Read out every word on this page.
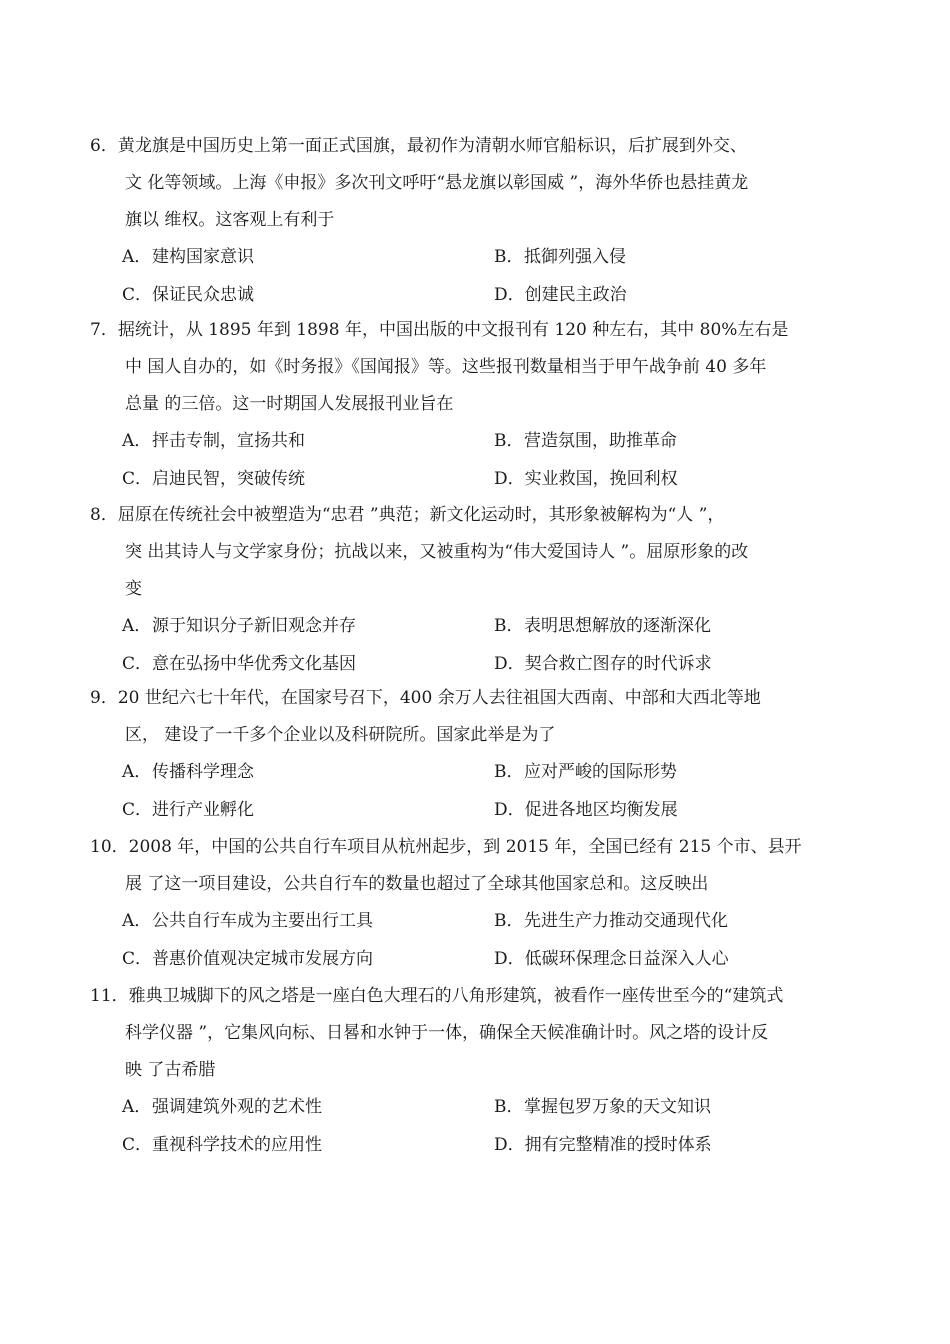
6．黄龙旗是中国历史上第一面正式国旗，最初作为清朝水师官船标识，后扩展到外交、
文 化等领域。上海《申报》多次刊文呼吁“悬龙旗以彰国威 ”，海外华侨也悬挂黄龙
旗以 维权。这客观上有利于
A．建构国家意识	B．抵御列强入侵
C．保证民众忠诚	D．创建民主政治
7．据统计，从 1895 年到 1898 年，中国出版的中文报刊有 120 种左右，其中 80%左右是
中 国人自办的，如《时务报》《国闻报》等。这些报刊数量相当于甲午战争前 40 多年
总量 的三倍。这一时期国人发展报刊业旨在
A．抨击专制，宣扬共和	B．营造氛围，助推革命
C．启迪民智，突破传统	D．实业救国，挽回利权
8．屈原在传统社会中被塑造为“忠君 ”典范；新文化运动时，其形象被解构为“人 ”，
突 出其诗人与文学家身份；抗战以来，又被重构为“伟大爱国诗人 ”。屈原形象的改
变
A．源于知识分子新旧观念并存	B．表明思想解放的逐渐深化
C．意在弘扬中华优秀文化基因	D．契合救亡图存的时代诉求
9．20 世纪六七十年代，在国家号召下，400 余万人去往祖国大西南、中部和大西北等地
区， 建设了一千多个企业以及科研院所。国家此举是为了
A．传播科学理念	B．应对严峻的国际形势
C．进行产业孵化	D．促进各地区均衡发展
10．2008 年，中国的公共自行车项目从杭州起步，到 2015 年，全国已经有 215 个市、县开
展 了这一项目建设，公共自行车的数量也超过了全球其他国家总和。这反映出
A．公共自行车成为主要出行工具	B．先进生产力推动交通现代化
C．普惠价值观决定城市发展方向	D．低碳环保理念日益深入人心
11．雅典卫城脚下的风之塔是一座白色大理石的八角形建筑，被看作一座传世至今的“建筑式
科学仪器 ”，它集风向标、日晷和水钟于一体，确保全天候准确计时。风之塔的设计反
映 了古希腊
A．强调建筑外观的艺术性	B．掌握包罗万象的天文知识
C．重视科学技术的应用性	D．拥有完整精准的授时体系
